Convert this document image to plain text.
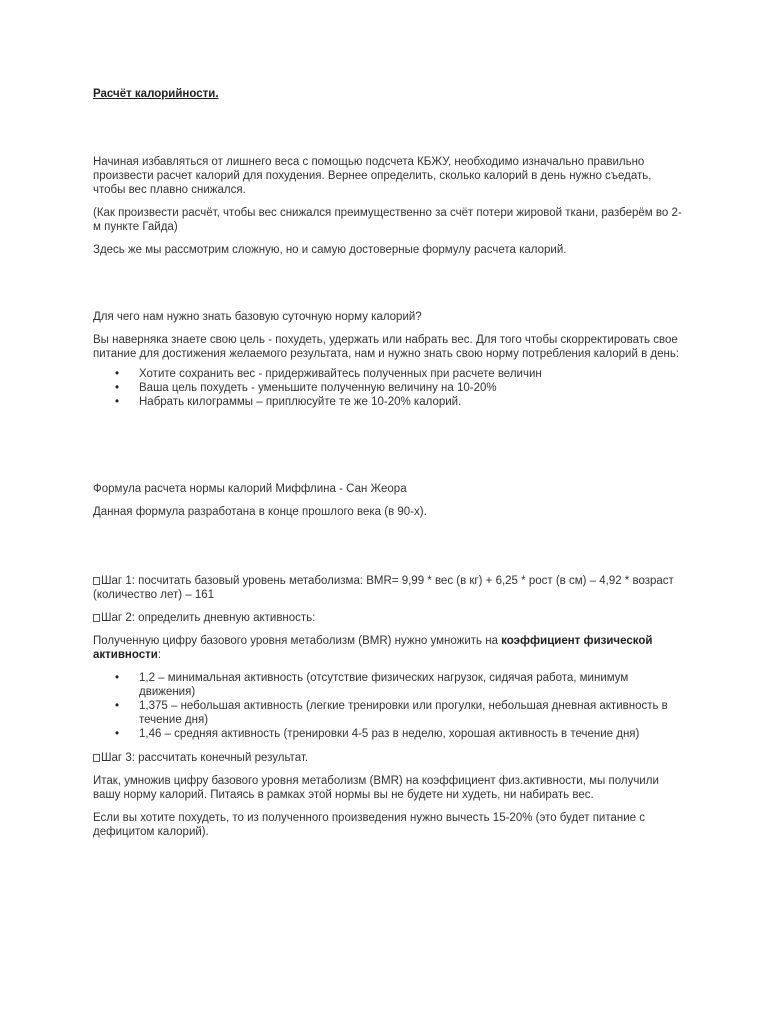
Расчёт калорийности.

Начиная избавляться от лишнего веса с помощью подсчета КБЖУ, необходимо изначально правильно произвести расчет калорий для похудения. Вернее определить, сколько калорий в день нужно съедать, чтобы вес плавно снижался.

(Как произвести расчёт, чтобы вес снижался преимущественно за счёт потери жировой ткани, разберём во 2-м пункте Гайда)

Здесь же мы рассмотрим сложную, но и самую достоверные формулу расчета калорий.

Для чего нам нужно знать базовую суточную норму калорий?

Вы наверняка знаете свою цель - похудеть, удержать или набрать вес. Для того чтобы скорректировать свое питание для достижения желаемого результата, нам и нужно знать свою норму потребления калорий в день:

• Хотите сохранить вес - придерживайтесь полученных при расчете величин
• Ваша цель похудеть - уменьшите полученную величину на 10-20%
• Набрать килограммы – приплюсуйте те же 10-20% калорий.

Формула расчета нормы калорий Миффлина - Сан Жеора

Данная формула разработана в конце прошлого века (в 90-х).

Шаг 1: посчитать базовый уровень метаболизма: BMR= 9,99 * вес (в кг) + 6,25 * рост (в см) – 4,92 * возраст (количество лет) – 161

Шаг 2: определить дневную активность:

Полученную цифру базового уровня метаболизм (BMR) нужно умножить на коэффициент физической активности:

• 1,2 – минимальная активность (отсутствие физических нагрузок, сидячая работа, минимум движения)
• 1,375 – небольшая активность (легкие тренировки или прогулки, небольшая дневная активность в течение дня)
• 1,46 – средняя активность (тренировки 4-5 раз в неделю, хорошая активность в течение дня)

Шаг 3: рассчитать конечный результат.

Итак, умножив цифру базового уровня метаболизм (BMR) на коэффициент физ.активности, мы получили вашу норму калорий. Питаясь в рамках этой нормы вы не будете ни худеть, ни набирать вес.

Если вы хотите похудеть, то из полученного произведения нужно вычесть 15-20% (это будет питание с дефицитом калорий).
